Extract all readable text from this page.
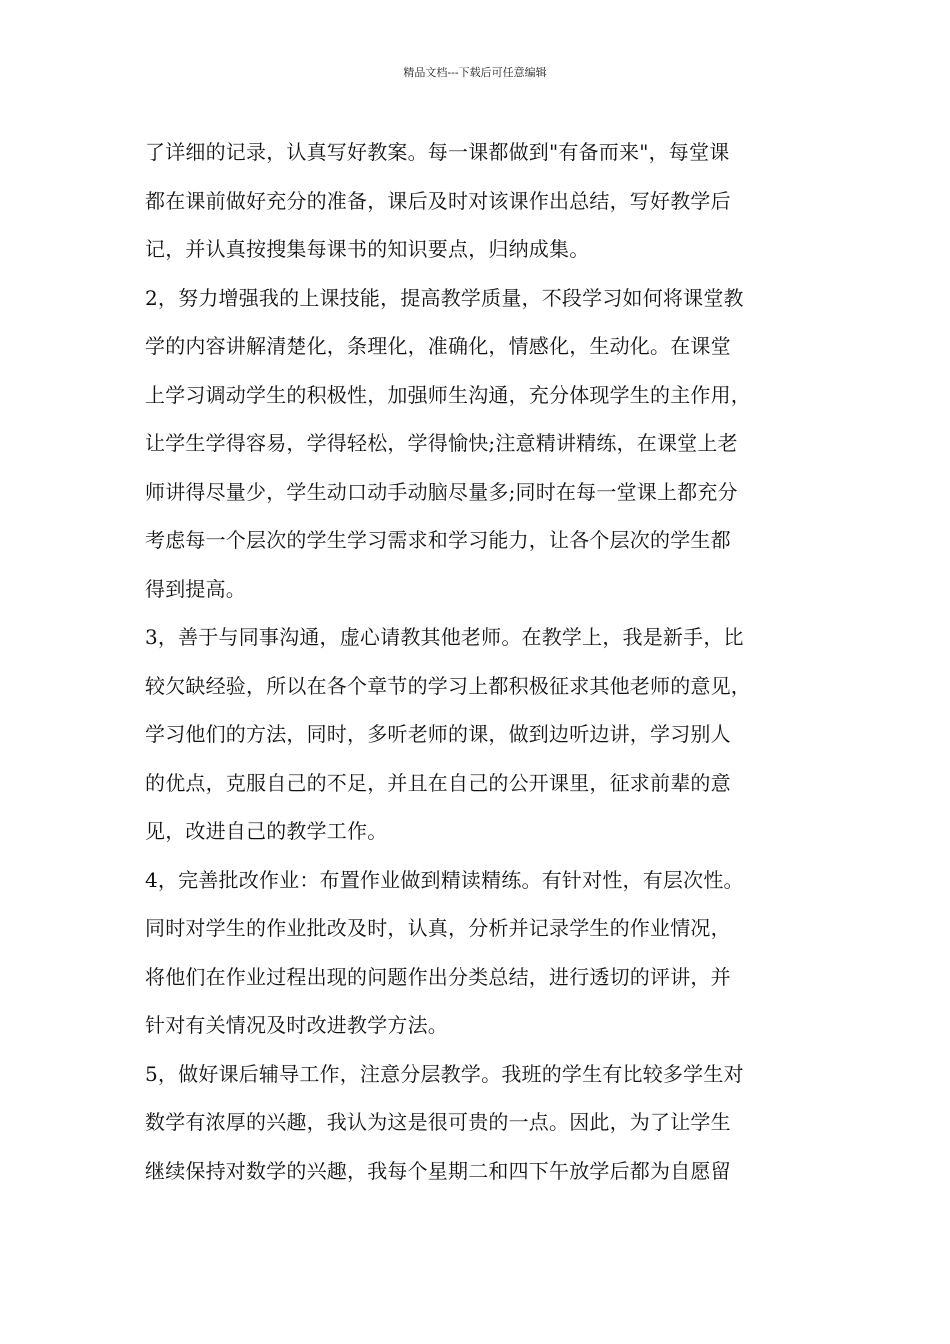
精品文档---下载后可任意编辑
了详细的记录，认真写好教案。每一课都做到"有备而来"，每堂课
都在课前做好充分的准备，课后及时对该课作出总结，写好教学后
记，并认真按搜集每课书的知识要点，归纳成集。
2，努力增强我的上课技能，提高教学质量，不段学习如何将课堂教
学的内容讲解清楚化，条理化，准确化，情感化，生动化。在课堂
上学习调动学生的积极性，加强师生沟通，充分体现学生的主作用，
让学生学得容易，学得轻松，学得愉快;注意精讲精练，在课堂上老
师讲得尽量少，学生动口动手动脑尽量多;同时在每一堂课上都充分
考虑每一个层次的学生学习需求和学习能力，让各个层次的学生都
得到提高。
3，善于与同事沟通，虚心请教其他老师。在教学上，我是新手，比
较欠缺经验，所以在各个章节的学习上都积极征求其他老师的意见，
学习他们的方法，同时，多听老师的课，做到边听边讲，学习别人
的优点，克服自己的不足，并且在自己的公开课里，征求前辈的意
见，改进自己的教学工作。
4，完善批改作业：布置作业做到精读精练。有针对性，有层次性。
同时对学生的作业批改及时，认真，分析并记录学生的作业情况，
将他们在作业过程出现的问题作出分类总结，进行透切的评讲，并
针对有关情况及时改进教学方法。
5，做好课后辅导工作，注意分层教学。我班的学生有比较多学生对
数学有浓厚的兴趣，我认为这是很可贵的一点。因此，为了让学生
继续保持对数学的兴趣，我每个星期二和四下午放学后都为自愿留
